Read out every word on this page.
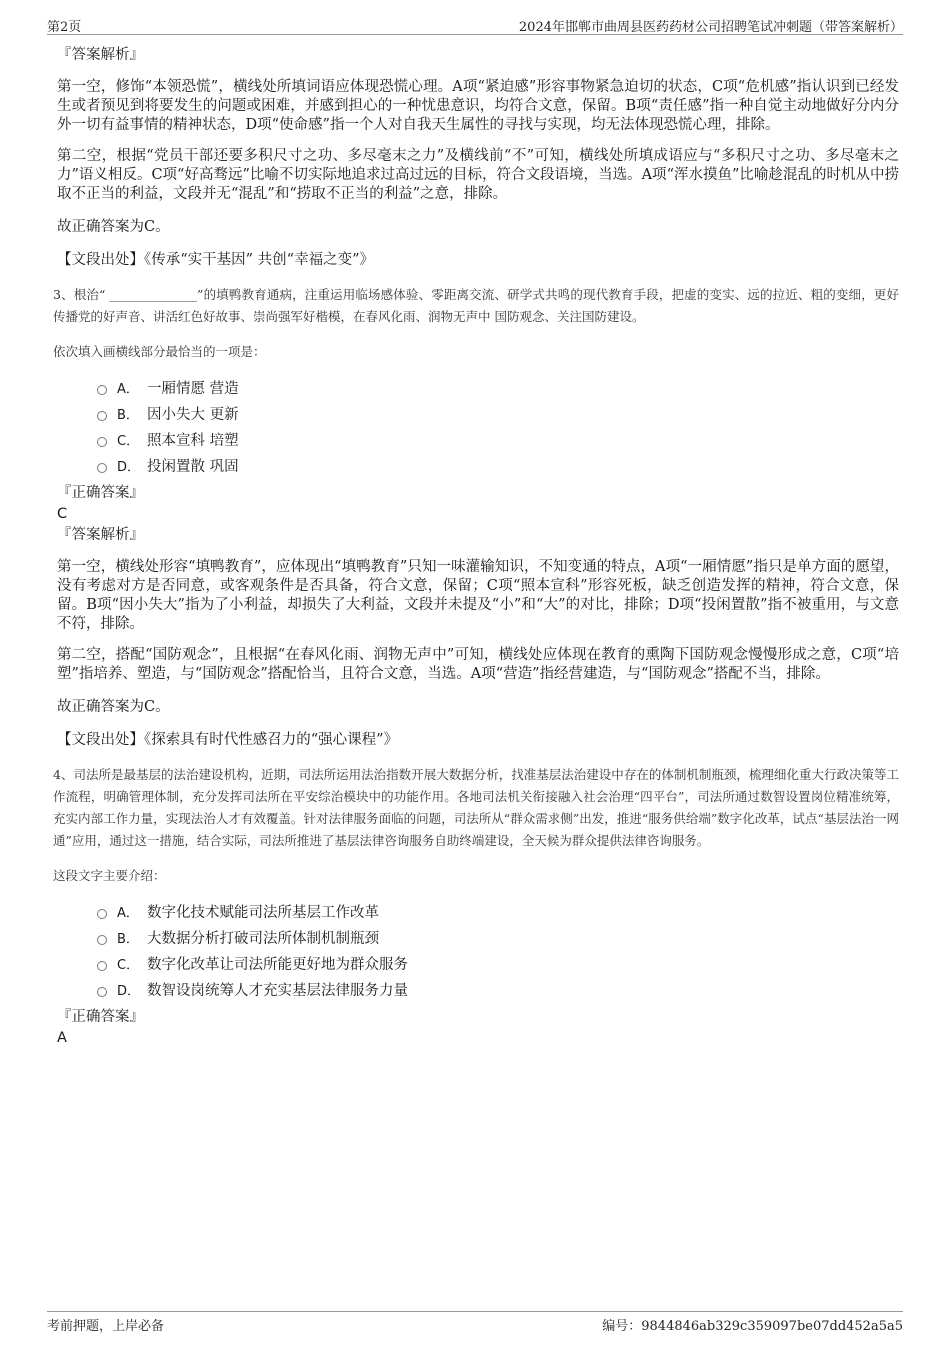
第2页	2024年邯郸市曲周县医药药材公司招聘笔试冲刺题（带答案解析）

『答案解析』

第一空，修饰“本领恐慌”，横线处所填词语应体现恐慌心理。A项“紧迫感”形容事物紧急迫切的状态，C项“危机感”指认识到已经发生或者预见到将要发生的问题或困难，并感到担心的一种忧患意识，均符合文意，保留。B项“责任感”指一种自觉主动地做好分内分外一切有益事情的精神状态，D项“使命感”指一个人对自我天生属性的寻找与实现，均无法体现恐慌心理，排除。

第二空，根据“党员干部还要多积尺寸之功、多尽毫末之力”及横线前“不”可知，横线处所填成语应与“多积尺寸之功、多尽毫末之力”语义相反。C项“好高骛远”比喻不切实际地追求过高过远的目标，符合文段语境，当选。A项“浑水摸鱼”比喻趁混乱的时机从中捞取不正当的利益，文段并无“混乱”和“捞取不正当的利益”之意，排除。

故正确答案为C。

【文段出处】《传承“实干基因” 共创“幸福之变”》

3、根治“ ______________”的填鸭教育通病，注重运用临场感体验、零距离交流、研学式共鸣的现代教育手段，把虚的变实、远的拉近、粗的变细，更好传播党的好声音、讲活红色好故事、崇尚强军好楷模，在春风化雨、润物无声中 国防观念、关注国防建设。

依次填入画横线部分最恰当的一项是：

A． 一厢情愿 营造
B． 因小失大 更新
C． 照本宣科 培塑
D． 投闲置散 巩固

『正确答案』

C

『答案解析』

第一空，横线处形容“填鸭教育”，应体现出“填鸭教育”只知一味灌输知识，不知变通的特点，A项“一厢情愿”指只是单方面的愿望，没有考虑对方是否同意，或客观条件是否具备，符合文意，保留；C项“照本宣科”形容死板，缺乏创造发挥的精神，符合文意，保留。B项“因小失大”指为了小利益，却损失了大利益，文段并未提及“小”和“大”的对比，排除；D项“投闲置散”指不被重用，与文意不符，排除。

第二空，搭配“国防观念”，且根据“在春风化雨、润物无声中”可知，横线处应体现在教育的熏陶下国防观念慢慢形成之意，C项“培塑”指培养、塑造，与“国防观念”搭配恰当，且符合文意，当选。A项“营造”指经营建造，与“国防观念”搭配不当，排除。

故正确答案为C。

【文段出处】《探索具有时代性感召力的“强心课程”》

4、司法所是最基层的法治建设机构，近期，司法所运用法治指数开展大数据分析，找准基层法治建设中存在的体制机制瓶颈，梳理细化重大行政决策等工作流程，明确管理体制，充分发挥司法所在平安综治模块中的功能作用。各地司法机关衔接融入社会治理“四平台”，司法所通过数智设置岗位精准统筹，充实内部工作力量，实现法治人才有效覆盖。针对法律服务面临的问题，司法所从“群众需求侧”出发，推进“服务供给端”数字化改革，试点“基层法治一网通”应用，通过这一措施，结合实际，司法所推进了基层法律咨询服务自助终端建设，全天候为群众提供法律咨询服务。

这段文字主要介绍：

A． 数字化技术赋能司法所基层工作改革
B． 大数据分析打破司法所体制机制瓶颈
C． 数字化改革让司法所能更好地为群众服务
D． 数智设岗统筹人才充实基层法律服务力量

『正确答案』

A

考前押题，上岸必备	编号：9844846ab329c359097be07dd452a5a5
